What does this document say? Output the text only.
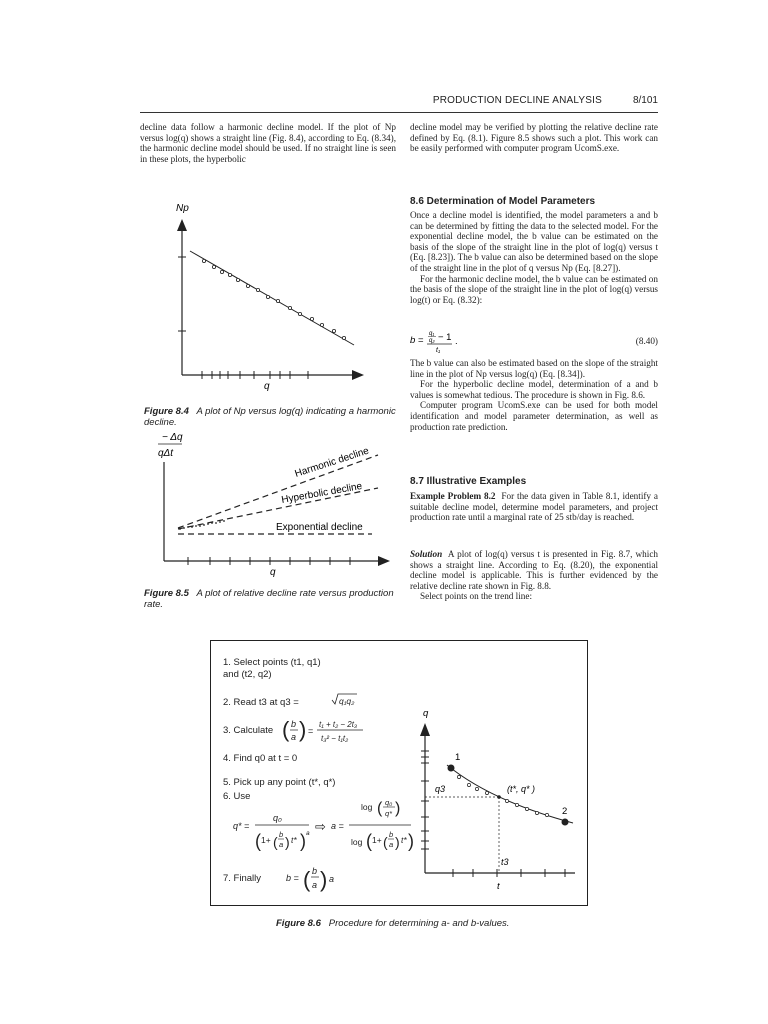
PRODUCTION DECLINE ANALYSIS	8/101

decline data follow a harmonic decline model. If the plot of Np versus log(q) shows a straight line (Fig. 8.4), according to Eq. (8.34), the harmonic decline model should be used. If no straight line is seen in these plots, the hyperbolic

decline model may be verified by plotting the relative decline rate defined by Eq. (8.1). Figure 8.5 shows such a plot. This work can be easily performed with computer program UcomS.exe.

8.6 Determination of Model Parameters

Once a decline model is identified, the model parameters a and b can be determined by fitting the data to the selected model. For the exponential decline model, the b value can be estimated on the basis of the slope of the straight line in the plot of log(q) versus t (Eq. [8.23]). The b value can also be determined based on the slope of the straight line in the plot of q versus Np (Eq. [8.27]).

For the harmonic decline model, the b value can be estimated on the basis of the slope of the straight line in the plot of log(q) versus log(t) or Eq. (8.32):

b =
q₁
q₂ − 1
t₁
.	(8.40)

The b value can also be estimated based on the slope of the straight line in the plot of Np versus log(q) (Eq. [8.34]).

For the hyperbolic decline model, determination of a and b values is somewhat tedious. The procedure is shown in Fig. 8.6.

Computer program UcomS.exe can be used for both model identification and model parameter determination, as well as production rate prediction.

8.7 Illustrative Examples

Example Problem 8.2 For the data given in Table 8.1, identify a suitable decline model, determine model parameters, and project production rate until a marginal rate of 25 stb/day is reached.

Solution A plot of log(q) versus t is presented in Fig. 8.7, which shows a straight line. According to Eq. (8.20), the exponential decline model is applicable. This is further evidenced by the relative decline rate shown in Fig. 8.8.

Select points on the trend line:

Np
q
Figure 8.4 A plot of Np versus log(q) indicating a harmonic decline.
− Δq
qΔt	Harmonic decline
Hyperbolic decline
Exponential decline
q
Figure 8.5 A plot of relative decline rate versus production rate.
1. Select points (t1, q1)
and (t2, q2)
2. Read t3 at q3 =	q₁q₂
3. Calculate ( b
a ) =
t₁ + t₂ − 2t₃
t₃² − t₁t₂
4. Find q0 at t = 0
5. Pick up any point (t*, q*)
6. Use
q* =
q₀
( 1+ ( b
a ) t* ) a ⇨ a =
log ( q₀
q* )
log ( 1+ ( b
a ) t* )
7. Finally	b = ( b
a ) a
q
1
2
q3	(t*, q* )
t3
t
Figure 8.6 Procedure for determining a- and b-values.
